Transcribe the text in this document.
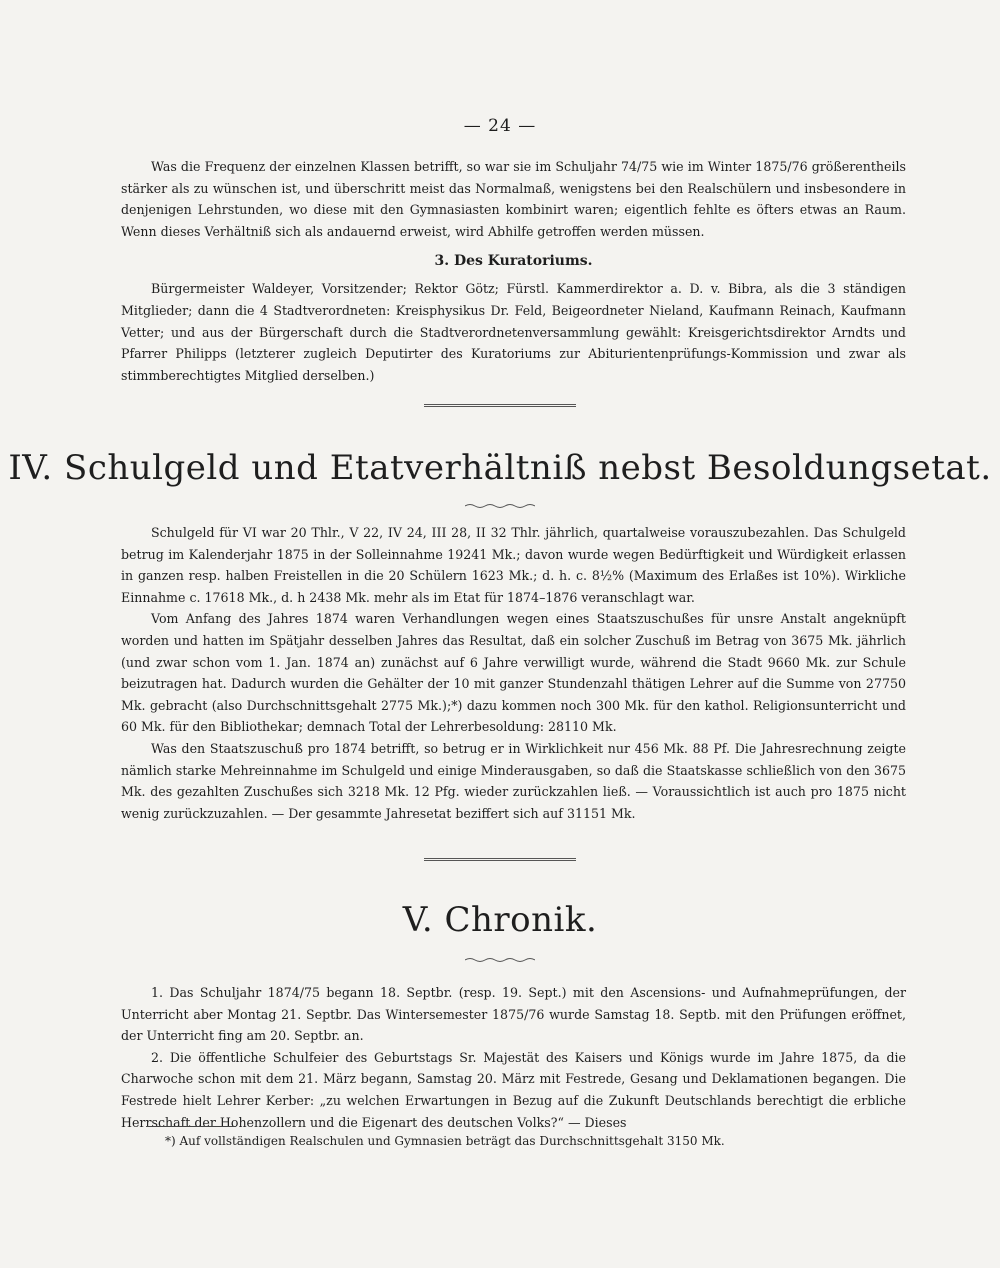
— 24 —

Was die Frequenz der einzelnen Klassen betrifft, so war sie im Schuljahr 74/75 wie im Winter 1875/76 größerentheils stärker als zu wünschen ist, und überschritt meist das Normalmaß, wenigstens bei den Realschülern und insbesondere in denjenigen Lehrstunden, wo diese mit den Gymnasiasten kombinirt waren; eigentlich fehlte es öfters etwas an Raum. Wenn dieses Verhältniß sich als andauernd erweist, wird Abhilfe getroffen werden müssen.

3. Des Kuratoriums.

Bürgermeister Waldeyer, Vorsitzender; Rektor Götz; Fürstl. Kammerdirektor a. D. v. Bibra, als die 3 ständigen Mitglieder; dann die 4 Stadtverordneten: Kreisphysikus Dr. Feld, Beigeordneter Nieland, Kaufmann Reinach, Kaufmann Vetter; und aus der Bürgerschaft durch die Stadtverordnetenversammlung gewählt: Kreisgerichtsdirektor Arndts und Pfarrer Philipps (letzterer zugleich Deputirter des Kuratoriums zur Abiturientenprüfungs-Kommission und zwar als stimmberechtigtes Mitglied derselben.)

IV. Schulgeld und Etatverhältniß nebst Besoldungsetat.

Schulgeld für VI war 20 Thlr., V 22, IV 24, III 28, II 32 Thlr. jährlich, quartalweise vorauszubezahlen. Das Schulgeld betrug im Kalenderjahr 1875 in der Solleinnahme 19241 Mk.; davon wurde wegen Bedürftigkeit und Würdigkeit erlassen in ganzen resp. halben Freistellen in die 20 Schülern 1623 Mk.; d. h. c. 8½% (Maximum des Erlaßes ist 10%). Wirkliche Einnahme c. 17618 Mk., d. h 2438 Mk. mehr als im Etat für 1874–1876 veranschlagt war.

Vom Anfang des Jahres 1874 waren Verhandlungen wegen eines Staatszuschußes für unsre Anstalt angeknüpft worden und hatten im Spätjahr desselben Jahres das Resultat, daß ein solcher Zuschuß im Betrag von 3675 Mk. jährlich (und zwar schon vom 1. Jan. 1874 an) zunächst auf 6 Jahre verwilligt wurde, während die Stadt 9660 Mk. zur Schule beizutragen hat. Dadurch wurden die Gehälter der 10 mit ganzer Stundenzahl thätigen Lehrer auf die Summe von 27750 Mk. gebracht (also Durchschnittsgehalt 2775 Mk.);*) dazu kommen noch 300 Mk. für den kathol. Religionsunterricht und 60 Mk. für den Bibliothekar; demnach Total der Lehrerbesoldung: 28110 Mk.

Was den Staatszuschuß pro 1874 betrifft, so betrug er in Wirklichkeit nur 456 Mk. 88 Pf. Die Jahresrechnung zeigte nämlich starke Mehreinnahme im Schulgeld und einige Minderausgaben, so daß die Staatskasse schließlich von den 3675 Mk. des gezahlten Zuschußes sich 3218 Mk. 12 Pfg. wieder zurückzahlen ließ. — Voraussichtlich ist auch pro 1875 nicht wenig zurückzuzahlen. — Der gesammte Jahresetat beziffert sich auf 31151 Mk.

V. Chronik.

1. Das Schuljahr 1874/75 begann 18. Septbr. (resp. 19. Sept.) mit den Ascensions- und Aufnahmeprüfungen, der Unterricht aber Montag 21. Septbr. Das Wintersemester 1875/76 wurde Samstag 18. Septb. mit den Prüfungen eröffnet, der Unterricht fing am 20. Septbr. an.

2. Die öffentliche Schulfeier des Geburtstags Sr. Majestät des Kaisers und Königs wurde im Jahre 1875, da die Charwoche schon mit dem 21. März begann, Samstag 20. März mit Festrede, Gesang und Deklamationen begangen. Die Festrede hielt Lehrer Kerber: „zu welchen Erwartungen in Bezug auf die Zukunft Deutschlands berechtigt die erbliche Herrschaft der Hohenzollern und die Eigenart des deutschen Volks?“ — Dieses

*) Auf vollständigen Realschulen und Gymnasien beträgt das Durchschnittsgehalt 3150 Mk.
